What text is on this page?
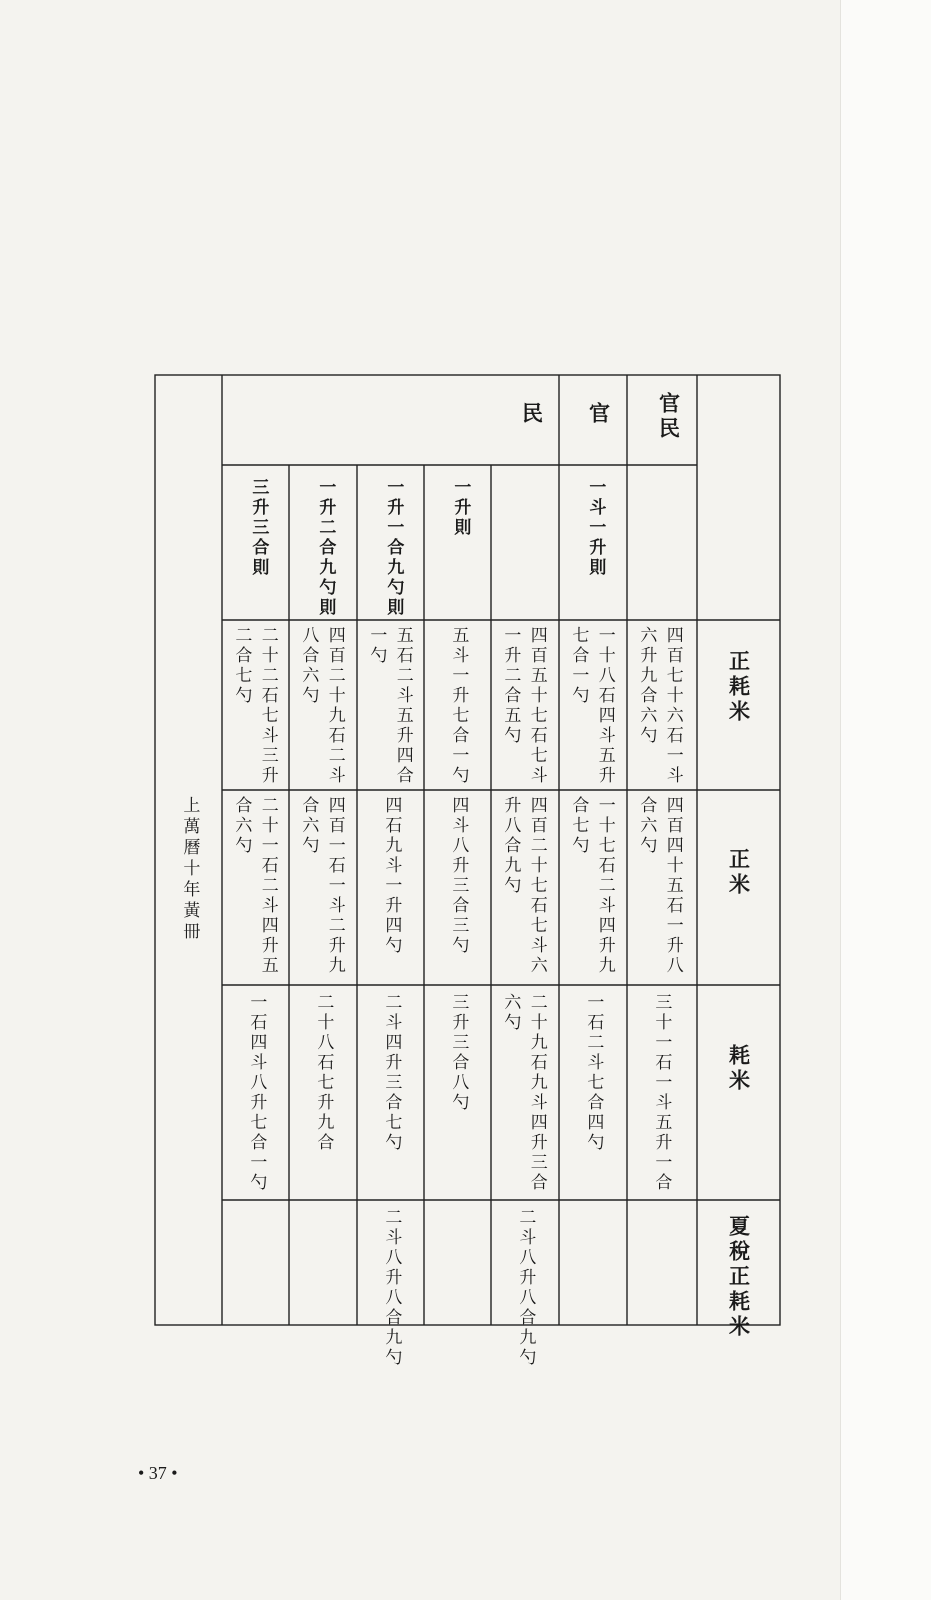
正耗米
正米
耗米
夏稅正耗米
官民
官
民
一斗一升則
一升則
一升一合九勺則
一升二合九勺則
三升三合則
四百七十六石一斗
六升九合六勺
四百四十五石一升八
合六勺
三十一石一斗五升一合
一十八石四斗五升
七合一勺
一十七石二斗四升九
合七勺
一石二斗七合四勺
四百五十七石七斗
一升二合五勺
四百二十七石七斗六
升八合九勺
二十九石九斗四升三合
六勺
二斗八升八合九勺
五斗一升七合一勺
四斗八升三合三勺
三升三合八勺
五石二斗五升四合
一勺
四石九斗一升四勺
二斗四升三合七勺
二斗八升八合九勺
四百二十九石二斗
八合六勺
四百一石一斗二升九
合六勺
二十八石七升九合
二十二石七斗三升
二合七勺
二十一石二斗四升五
合六勺
一石四斗八升七合一勺
上萬曆十年黃冊
• 37 •
